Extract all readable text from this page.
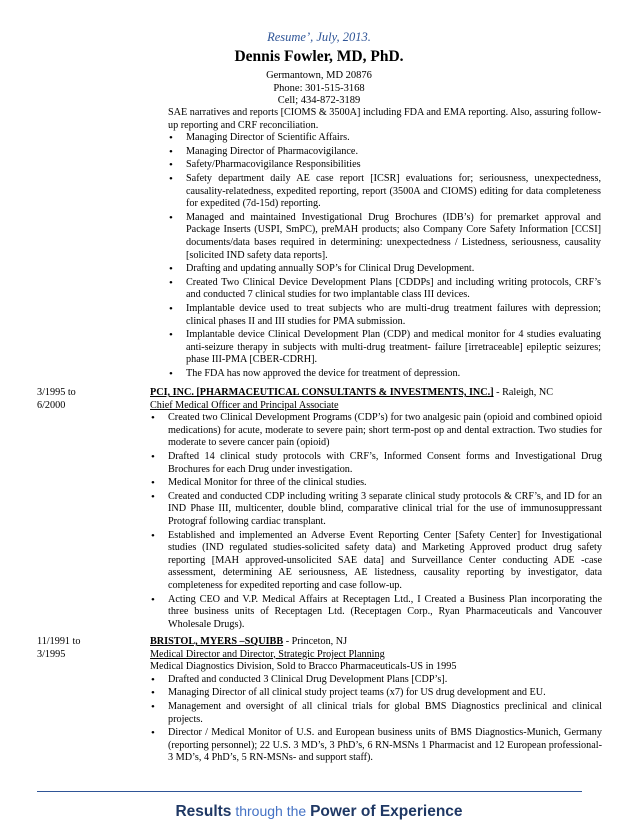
Resume’, July, 2013.
Dennis Fowler, MD, PhD.
Germantown, MD 20876
Phone: 301-515-3168
Cell; 434-872-3189
SAE narratives and reports [CIOMS & 3500A] including FDA and EMA reporting. Also, assuring follow-up reporting and CRF reconciliation.
• Managing Director of Scientific Affairs.
• Managing Director of Pharmacovigilance.
• Safety/Pharmacovigilance Responsibilities
• Safety department daily AE case report [ICSR] evaluations for; seriousness, unexpectedness, causality-relatedness, expedited reporting, report (3500A and CIOMS) editing for data completeness for expedited (7d-15d) reporting.
• Managed and maintained Investigational Drug Brochures (IDB’s) for premarket approval and Package Inserts (USPI, SmPC), preMAH products; also Company Core Safety Information [CCSI] documents/data bases required in determining: unexpectedness / Listedness, seriousness, causality [solicited IND safety data reports].
• Drafting and updating annually SOP’s for Clinical Drug Development.
• Created Two Clinical Device Development Plans [CDDPs] and including writing protocols, CRF’s and conducted 7 clinical studies for two implantable class III devices.
• Implantable device used to treat subjects who are multi-drug treatment failures with depression; clinical phases II and III studies for PMA submission.
• Implantable device Clinical Development Plan (CDP) and medical monitor for 4 studies evaluating anti-seizure therapy in subjects with multi-drug treatment- failure [irretraceable] epileptic seizures; phase III-PMA [CBER-CDRH].
• The FDA has now approved the device for treatment of depression.
3/1995 to
6/2000
PCI, INC. [PHARMACEUTICAL CONSULTANTS & INVESTMENTS, INC.] - Raleigh, NC
Chief Medical Officer and Principal Associate
• Created two Clinical Development Programs (CDP’s) for two analgesic pain (opioid and combined opioid medications) for acute, moderate to severe pain; short term-post op and dental extraction. Two studies for moderate to severe cancer pain (opioid)
• Drafted 14 clinical study protocols with CRF’s, Informed Consent forms and Investigational Drug Brochures for each Drug under investigation.
• Medical Monitor for three of the clinical studies.
• Created and conducted CDP including writing 3 separate clinical study protocols & CRF’s, and ID for an IND Phase III, multicenter, double blind, comparative clinical trial for the use of immunosuppressant Protograf following cardiac transplant.
• Established and implemented an Adverse Event Reporting Center [Safety Center] for Investigational studies (IND regulated studies-solicited safety data) and Marketing Approved product drug safety reporting [MAH approved-unsolicited SAE data] and Surveillance Center conducting ADE -case assessment, determining AE seriousness, AE listedness, causality reporting by investigator, data completeness for expedited reporting and case follow-up.
• Acting CEO and V.P. Medical Affairs at Receptagen Ltd., I Created a Business Plan incorporating the three business units of Receptagen Ltd. (Receptagen Corp., Ryan Pharmaceuticals and Vancouver Wholesale Drugs).
11/1991 to
3/1995
BRISTOL, MYERS –SQUIBB - Princeton, NJ
Medical Director and Director, Strategic Project Planning
Medical Diagnostics Division, Sold to Bracco Pharmaceuticals-US in 1995
• Drafted and conducted 3 Clinical Drug Development Plans [CDP’s].
• Managing Director of all clinical study project teams (x7) for US drug development and EU.
• Management and oversight of all clinical trials for global BMS Diagnostics preclinical and clinical projects.
• Director / Medical Monitor of U.S. and European business units of BMS Diagnostics-Munich, Germany (reporting personnel); 22 U.S. 3 MD’s, 3 PhD’s, 6 RN-MSNs 1 Pharmacist and 12 European professional-3 MD’s, 4 PhD’s, 5 RN-MSNs- and support staff).
Results through the Power of Experience
